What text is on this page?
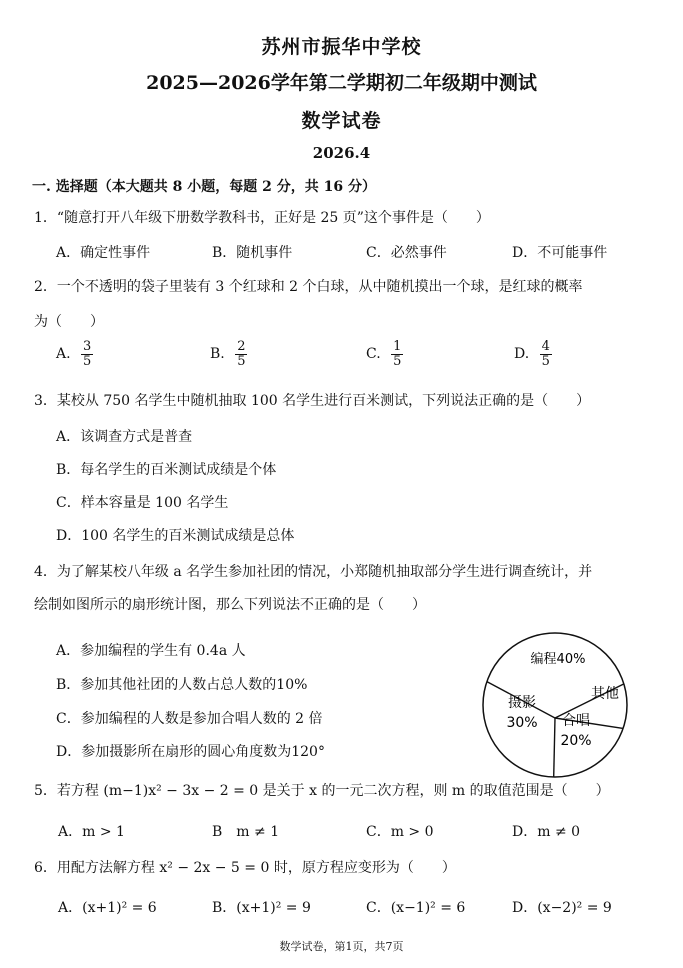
苏州市振华中学校
2025—2026学年第二学期初二年级期中测试
数学试卷
2026.4
一. 选择题（本大题共 8 小题，每题 2 分，共 16 分）
1．“随意打开八年级下册数学教科书，正好是 25 页”这个事件是（　　）
A．确定性事件	B．随机事件	C．必然事件	D．不可能事件
2．一个不透明的袋子里装有 3 个红球和 2 个白球，从中随机摸出一个球，是红球的概率
为（　　）
A. $\frac{3}{5}$	B. $\frac{2}{5}$	C. $\frac{1}{5}$	D. $\frac{4}{5}$
3．某校从 750 名学生中随机抽取 100 名学生进行百米测试，下列说法正确的是（　　）
A．该调查方式是普查
B．每名学生的百米测试成绩是个体
C．样本容量是 100 名学生
D．100 名学生的百米测试成绩是总体
4．为了解某校八年级 a 名学生参加社团的情况，小郑随机抽取部分学生进行调查统计，并
绘制如图所示的扇形统计图，那么下列说法不正确的是（　　）
A．参加编程的学生有 0.4a 人
B．参加其他社团的人数占总人数的10%
C．参加编程的人数是参加合唱人数的 2 倍
D．参加摄影所在扇形的圆心角度数为120°
编程40%
其他
合唱
20%
摄影
30%
5．若方程 (m−1)x² − 3x − 2 = 0 是关于 x 的一元二次方程，则 m 的取值范围是（　　）
A．m > 1	B　m ≠ 1	C．m > 0	D．m ≠ 0
6．用配方法解方程 x² − 2x − 5 = 0 时，原方程应变形为（　　）
A．(x+1)² = 6	B．(x+1)² = 9	C．(x−1)² = 6	D．(x−2)² = 9
数学试卷，第1页，共7页
